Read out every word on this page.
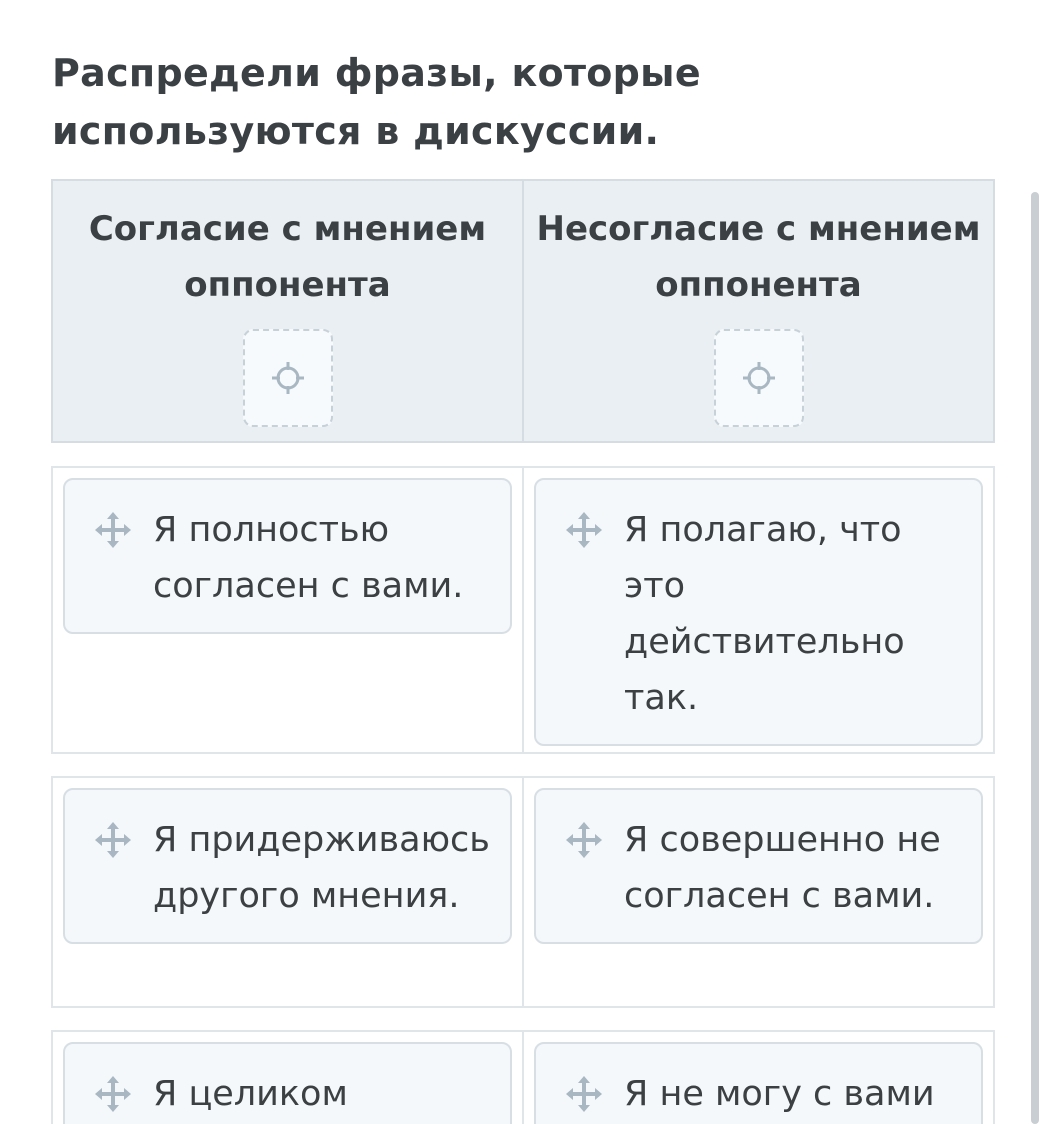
Распредели фразы, которые используются в дискуссии.
Согласие с мнением оппонента
Несогласие с мнением оппонента
Я полностью согласен с вами.
Я полагаю, что это действительно так.
Я придерживаюсь другого мнения.
Я совершенно не согласен с вами.
Я целиком	Я не могу с вами
